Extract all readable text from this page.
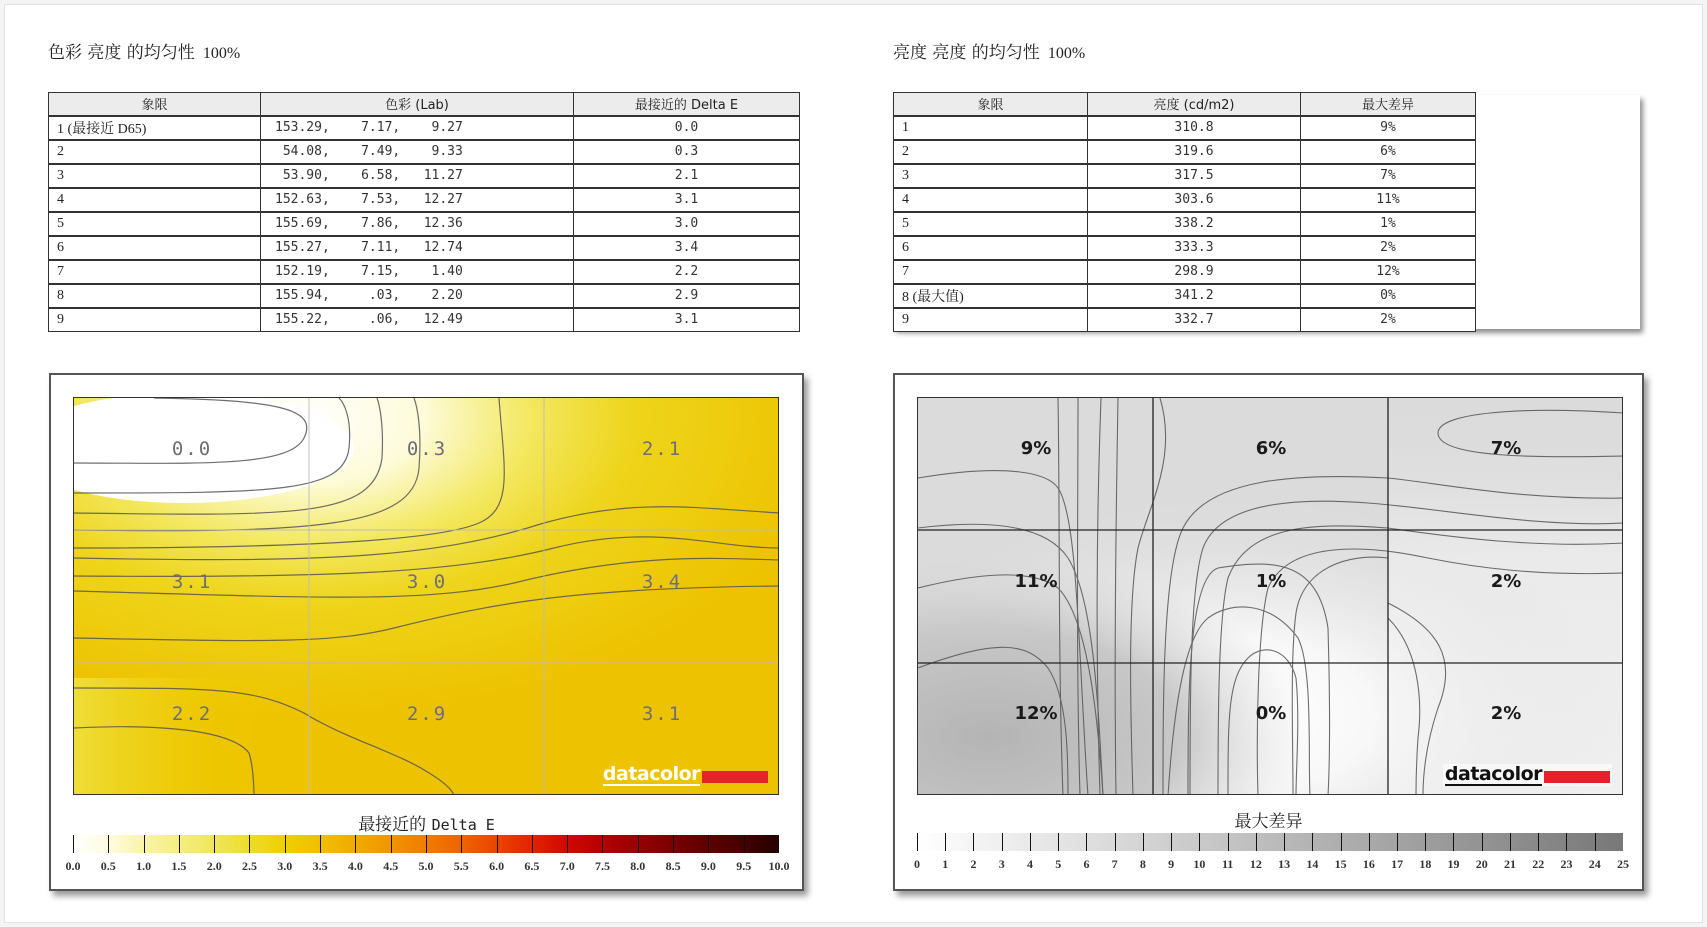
色彩 亮度 的均匀性 100%
象限	色彩 (Lab)	最接近的 Delta E
1 (最接近 D65)	153.29,    7.17,    9.27	0.0
2	54.08,    7.49,    9.33	0.3
3	53.90,    6.58,   11.27	2.1
4	152.63,    7.53,   12.27	3.1
5	155.69,    7.86,   12.36	3.0
6	155.27,    7.11,   12.74	3.4
7	152.19,    7.15,    1.40	2.2
8	155.94,     .03,    2.20	2.9
9	155.22,     .06,   12.49	3.1
亮度 亮度 的均匀性 100%
象限	亮度 (cd/m2)	最大差异
1	310.8	9%
2	319.6	6%
3	317.5	7%
4	303.6	11%
5	338.2	1%
6	333.3	2%
7	298.9	12%
8 (最大值)	341.2	0%
9	332.7	2%
0.0	0.3	2.1
3.1	3.0	3.4
2.2	2.9	3.1
datacolor
最接近的 Delta E
0.0 0.5 1.0 1.5 2.0 2.5 3.0 3.5 4.0 4.5 5.0 5.5 6.0 6.5 7.0 7.5 8.0 8.5 9.0 9.5 10.0
9%	6%	7%
11%	1%	2%
12%	0%	2%
datacolor
最大差异
0 1 2 3 4 5 6 7 8 9 10 11 12 13 14 15 16 17 18 19 20 21 22 23 24 25
